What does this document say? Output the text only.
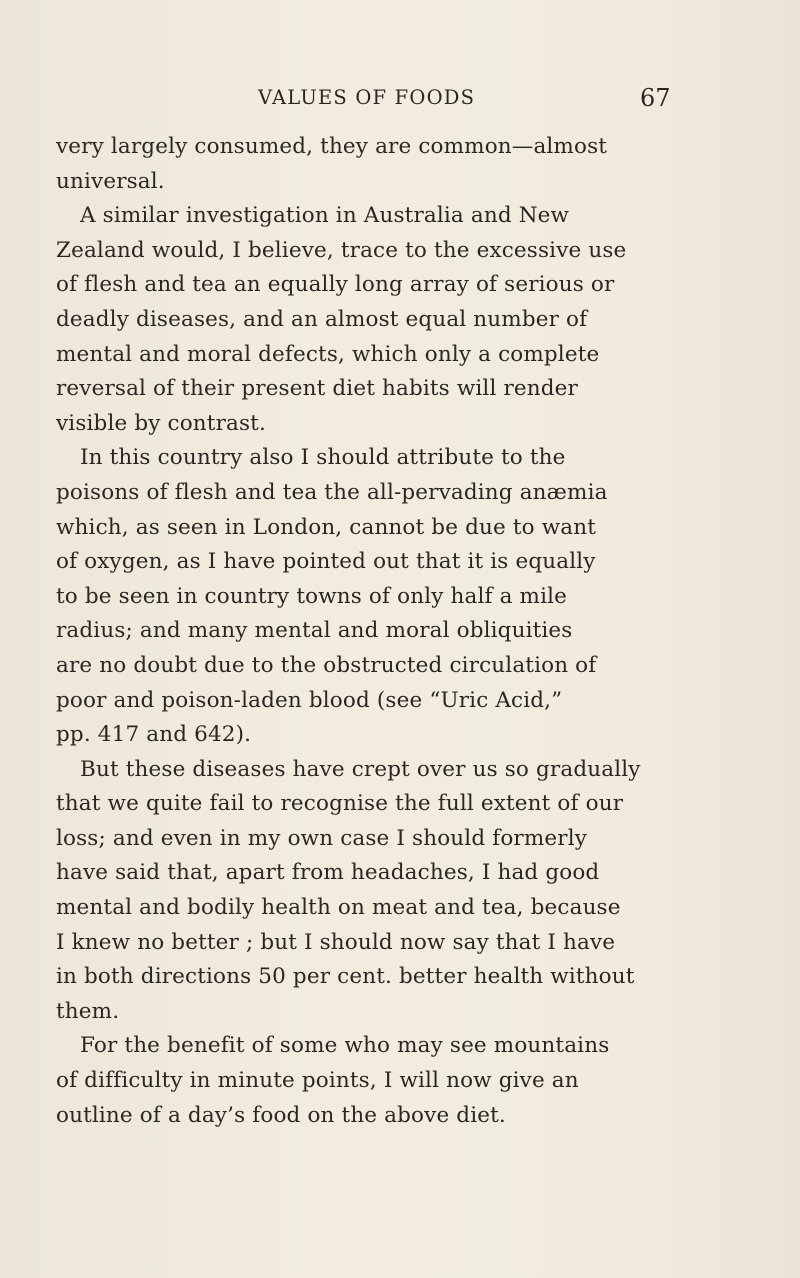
VALUES OF FOODS	67
very largely consumed, they are common—almost
universal.
A similar investigation in Australia and New
Zealand would, I believe, trace to the excessive use
of flesh and tea an equally long array of serious or
deadly diseases, and an almost equal number of
mental and moral defects, which only a complete
reversal of their present diet habits will render
visible by contrast.
In this country also I should attribute to the
poisons of flesh and tea the all-pervading anæmia
which, as seen in London, cannot be due to want
of oxygen, as I have pointed out that it is equally
to be seen in country towns of only half a mile
radius; and many mental and moral obliquities
are no doubt due to the obstructed circulation of
poor and poison-laden blood (see “Uric Acid,”
pp. 417 and 642).
But these diseases have crept over us so gradually
that we quite fail to recognise the full extent of our
loss; and even in my own case I should formerly
have said that, apart from headaches, I had good
mental and bodily health on meat and tea, because
I knew no better ; but I should now say that I have
in both directions 50 per cent. better health without
them.
For the benefit of some who may see mountains
of difficulty in minute points, I will now give an
outline of a day’s food on the above diet.
